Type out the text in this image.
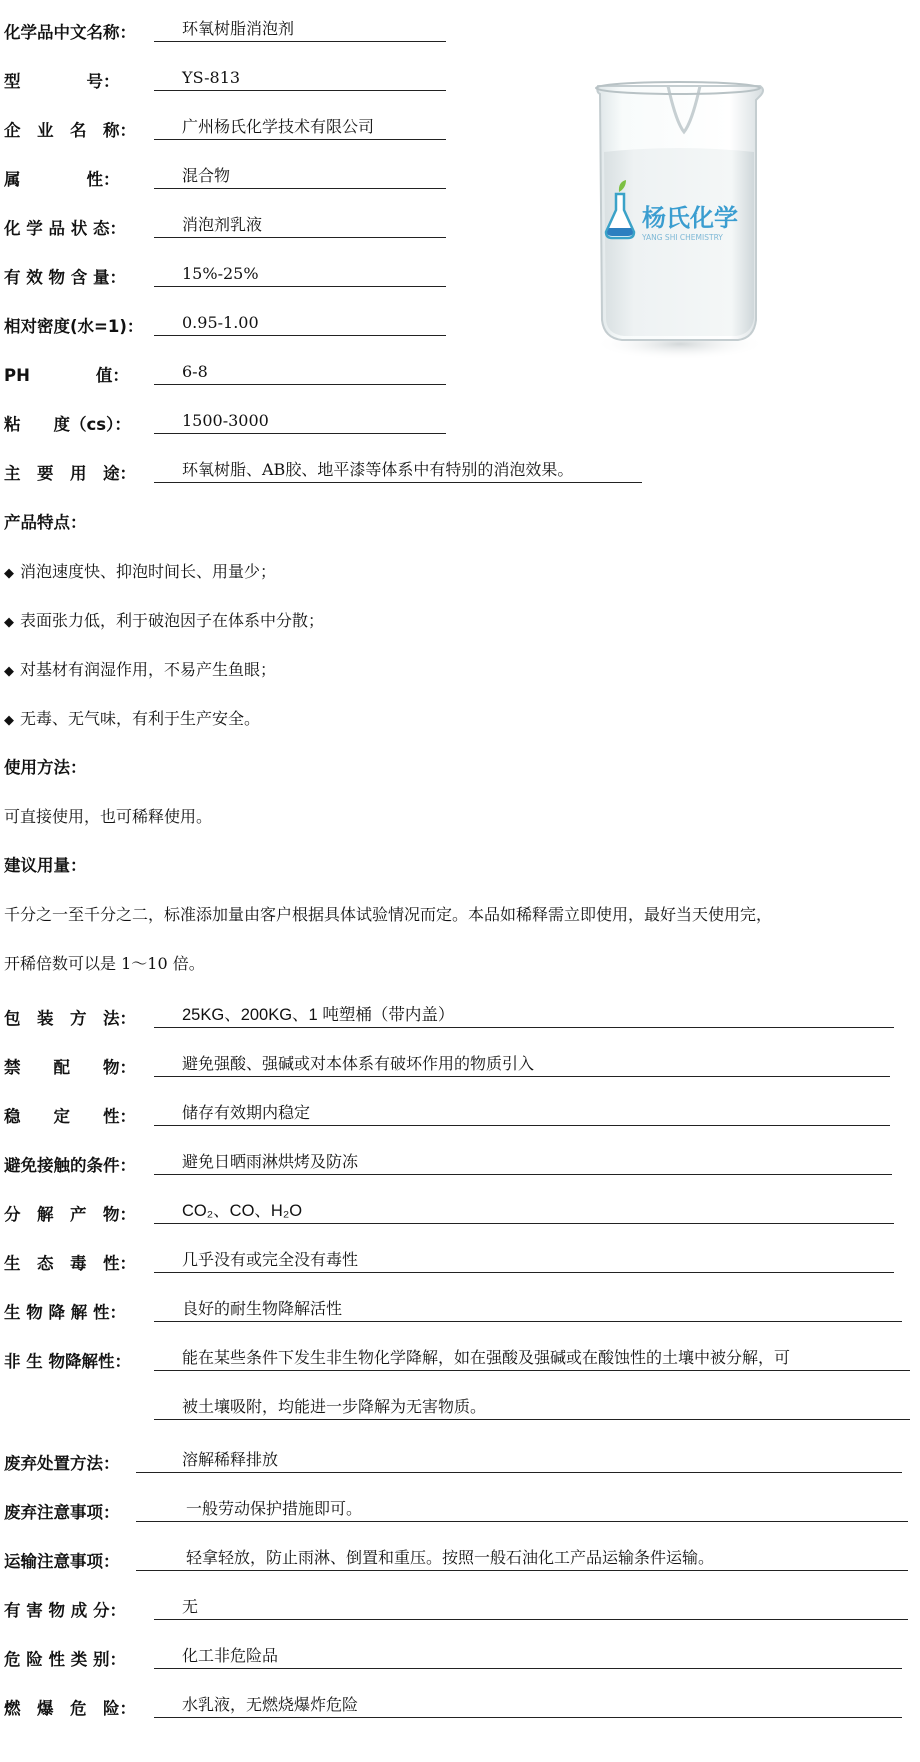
化学品中文名称：	环氧树脂消泡剂
型　　　　号：	YS-813
企　业　名　称：	广州杨氏化学技术有限公司
属　　　　性：	混合物
化 学 品 状 态：	消泡剂乳液
有 效 物 含 量：	15%-25%
相对密度(水=1)：	0.95-1.00
PH　　　　值：	6-8
粘　　度（cs）：	1500-3000
主　要　用　途：	环氧树脂、AB胶、地平漆等体系中有特别的消泡效果。
杨氏化学
YANG SHI CHEMISTRY
产品特点：
◆ 消泡速度快、抑泡时间长、用量少；
◆ 表面张力低，利于破泡因子在体系中分散；
◆ 对基材有润湿作用，不易产生鱼眼；
◆ 无毒、无气味，有利于生产安全。
使用方法：
可直接使用，也可稀释使用。
建议用量：
千分之一至千分之二，标准添加量由客户根据具体试验情况而定。本品如稀释需立即使用，最好当天使用完，
开稀倍数可以是 1～10 倍。
包　装　方　法：	25KG、200KG、1 吨塑桶（带内盖）
禁　　配　　物：	避免强酸、强碱或对本体系有破坏作用的物质引入
稳　　定　　性：	储存有效期内稳定
避免接触的条件：	避免日晒雨淋烘烤及防冻
分　解　产　物：	CO₂、CO、H₂O
生　态　毒　性：	几乎没有或完全没有毒性
生 物 降 解 性：	良好的耐生物降解活性
非 生 物降解性：	能在某些条件下发生非生物化学降解，如在强酸及强碱或在酸蚀性的土壤中被分解，可
被土壤吸附，均能进一步降解为无害物质。
废弃处置方法：	溶解稀释排放
废弃注意事项：	一般劳动保护措施即可。
运输注意事项：	轻拿轻放，防止雨淋、倒置和重压。按照一般石油化工产品运输条件运输。
有 害 物 成 分：	无
危 险 性 类 别：	化工非危险品
燃　爆　危　险：	水乳液，无燃烧爆炸危险
